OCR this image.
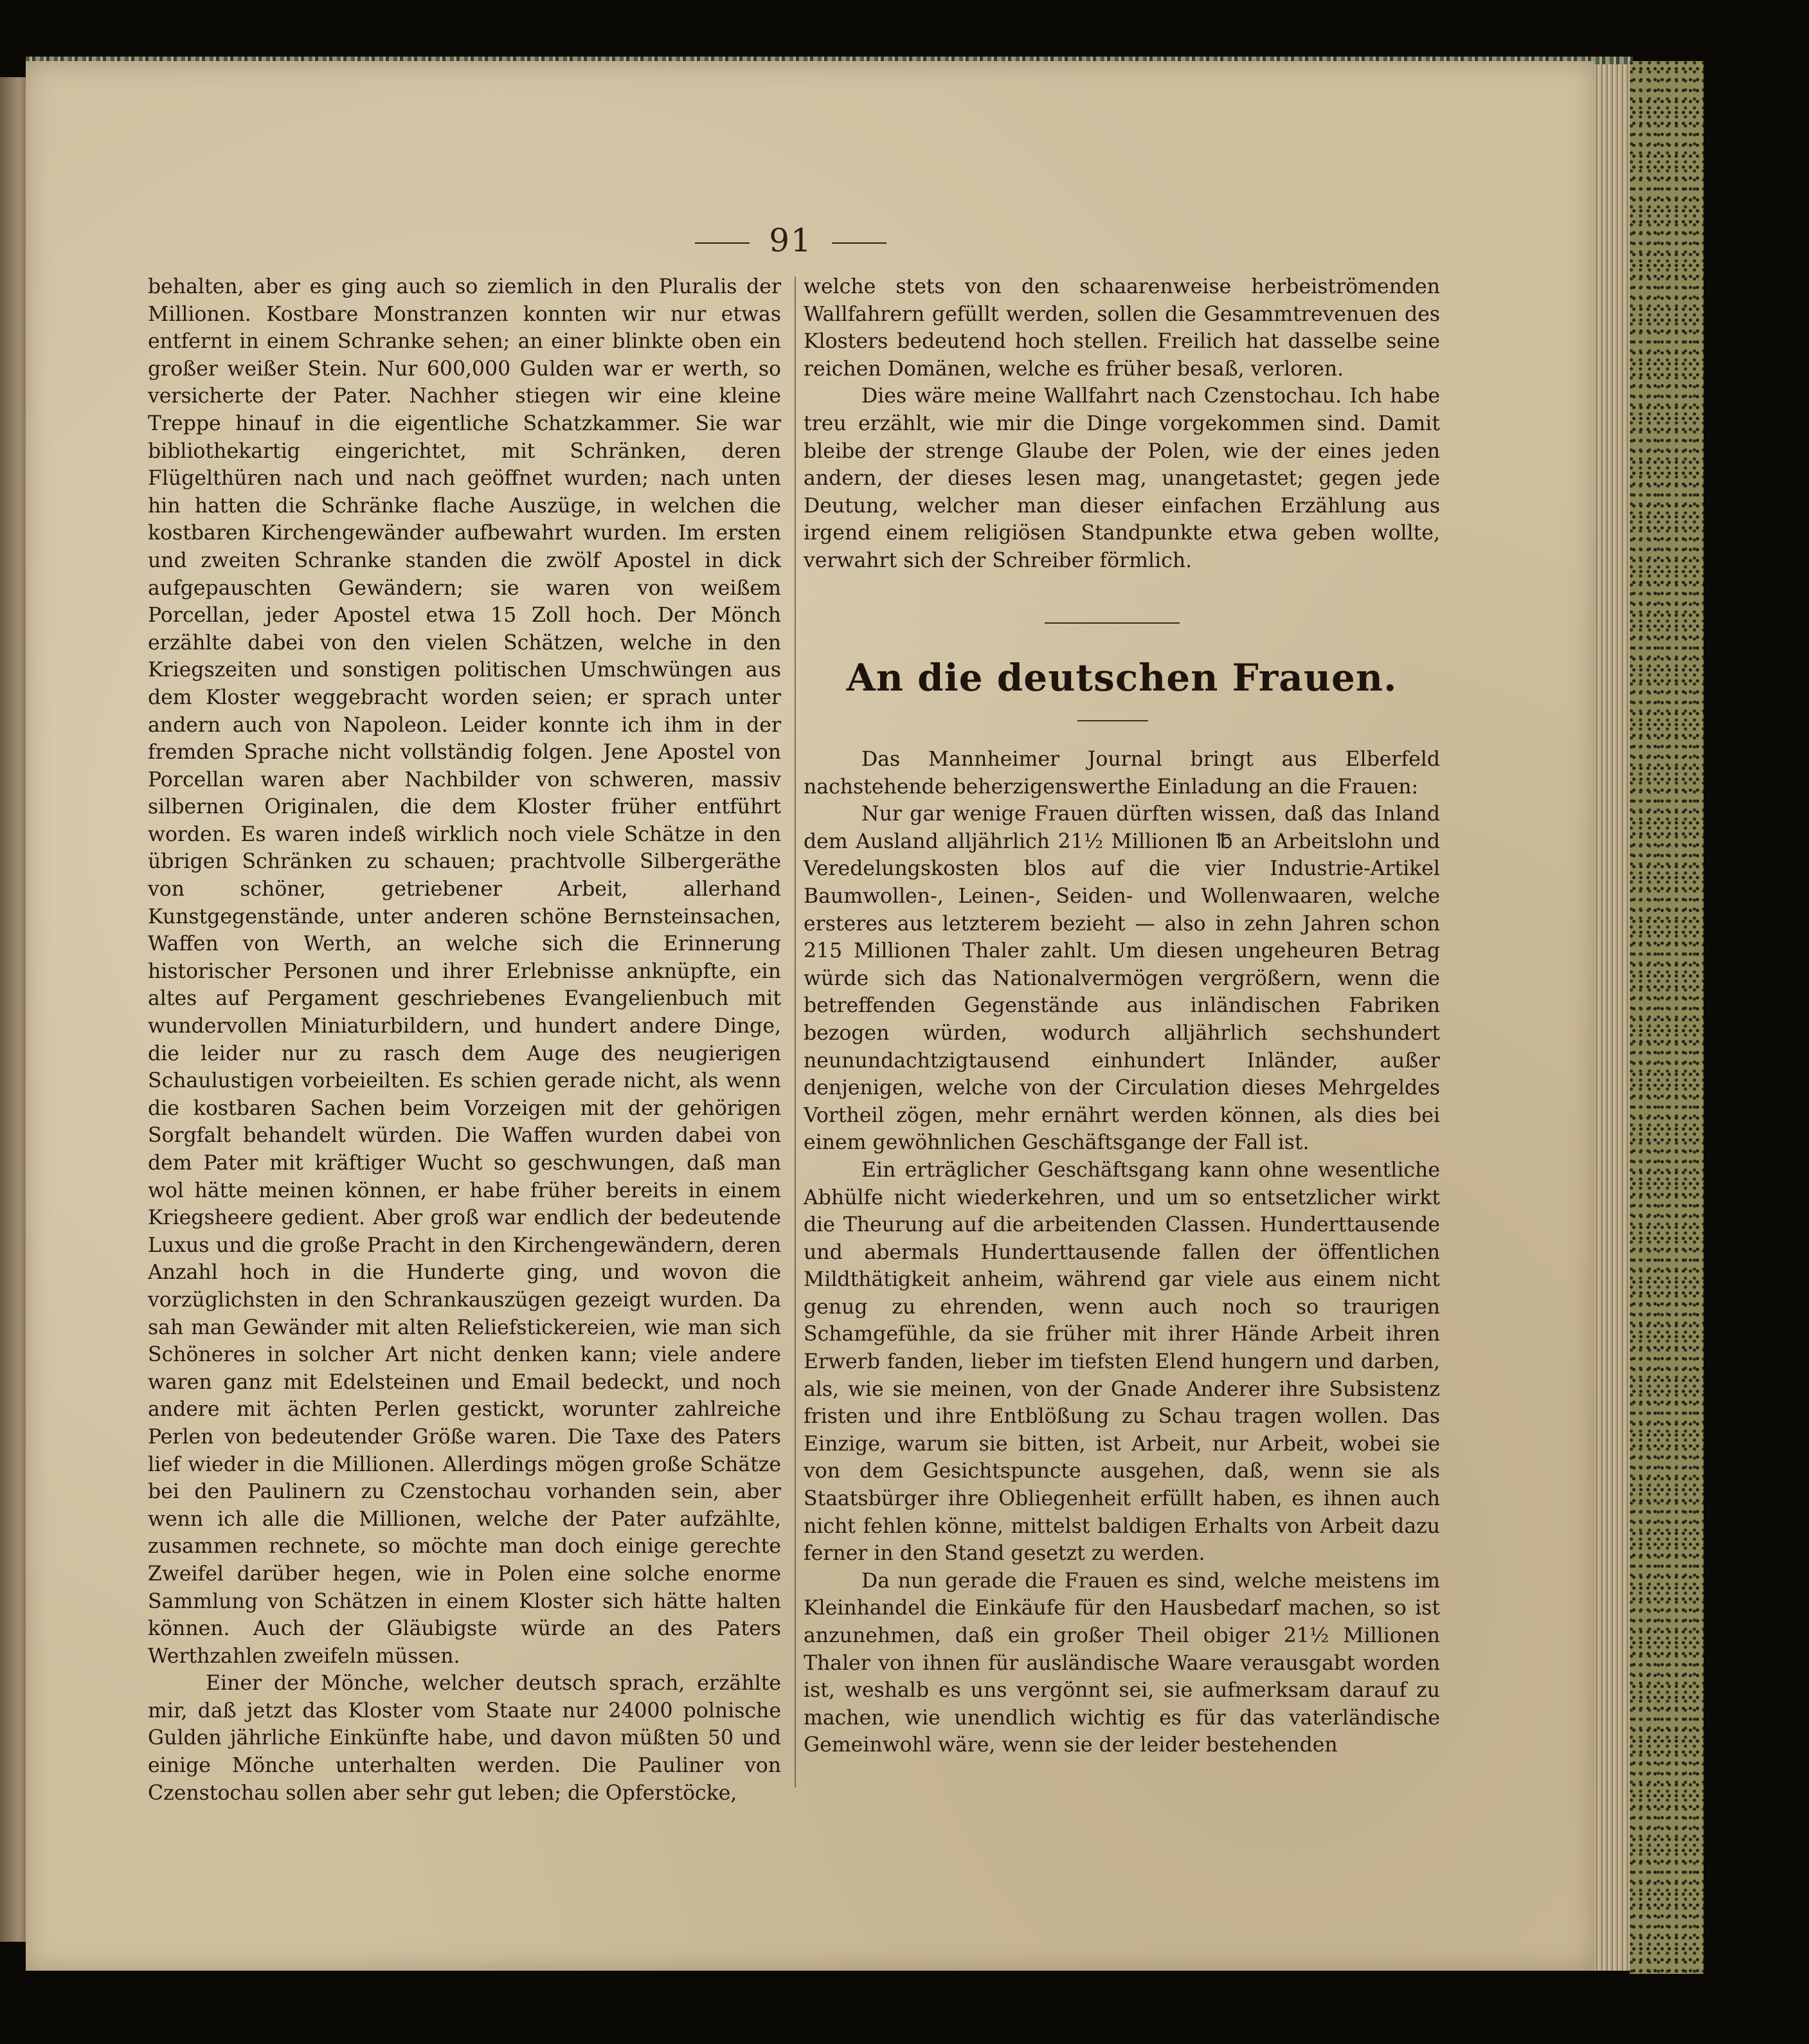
91

behalten, aber es ging auch so ziemlich in den Pluralis der Millionen. Kostbare Monstranzen konnten wir nur etwas entfernt in einem Schranke sehen; an einer blinkte oben ein großer weißer Stein. Nur 600,000 Gulden war er werth, so versicherte der Pater. Nachher stiegen wir eine kleine Treppe hinauf in die eigentliche Schatzkammer. Sie war bibliothekartig eingerichtet, mit Schränken, deren Flügelthüren nach und nach geöffnet wurden; nach unten hin hatten die Schränke flache Auszüge, in welchen die kostbaren Kirchengewänder aufbewahrt wurden. Im ersten und zweiten Schranke standen die zwölf Apostel in dick aufgepauschten Gewändern; sie waren von weißem Porcellan, jeder Apostel etwa 15 Zoll hoch. Der Mönch erzählte dabei von den vielen Schätzen, welche in den Kriegszeiten und sonstigen politischen Umschwüngen aus dem Kloster weggebracht worden seien; er sprach unter andern auch von Napoleon. Leider konnte ich ihm in der fremden Sprache nicht vollständig folgen. Jene Apostel von Porcellan waren aber Nachbilder von schweren, massiv silbernen Originalen, die dem Kloster früher entführt worden. Es waren indeß wirklich noch viele Schätze in den übrigen Schränken zu schauen; prachtvolle Silbergeräthe von schöner, getriebener Arbeit, allerhand Kunstgegenstände, unter anderen schöne Bernsteinsachen, Waffen von Werth, an welche sich die Erinnerung historischer Personen und ihrer Erlebnisse anknüpfte, ein altes auf Pergament geschriebenes Evangelienbuch mit wundervollen Miniaturbildern, und hundert andere Dinge, die leider nur zu rasch dem Auge des neugierigen Schaulustigen vorbeieilten. Es schien gerade nicht, als wenn die kostbaren Sachen beim Vorzeigen mit der gehörigen Sorgfalt behandelt würden. Die Waffen wurden dabei von dem Pater mit kräftiger Wucht so geschwungen, daß man wol hätte meinen können, er habe früher bereits in einem Kriegsheere gedient. Aber groß war endlich der bedeutende Luxus und die große Pracht in den Kirchengewändern, deren Anzahl hoch in die Hunderte ging, und wovon die vorzüglichsten in den Schrankauszügen gezeigt wurden. Da sah man Gewänder mit alten Reliefstickereien, wie man sich Schöneres in solcher Art nicht denken kann; viele andere waren ganz mit Edelsteinen und Email bedeckt, und noch andere mit ächten Perlen gestickt, worunter zahlreiche Perlen von bedeutender Größe waren. Die Taxe des Paters lief wieder in die Millionen. Allerdings mögen große Schätze bei den Paulinern zu Czenstochau vorhanden sein, aber wenn ich alle die Millionen, welche der Pater aufzählte, zusammen rechnete, so möchte man doch einige gerechte Zweifel darüber hegen, wie in Polen eine solche enorme Sammlung von Schätzen in einem Kloster sich hätte halten können. Auch der Gläubigste würde an des Paters Werthzahlen zweifeln müssen.

Einer der Mönche, welcher deutsch sprach, erzählte mir, daß jetzt das Kloster vom Staate nur 24000 polnische Gulden jährliche Einkünfte habe, und davon müßten 50 und einige Mönche unterhalten werden. Die Pauliner von Czenstochau sollen aber sehr gut leben; die Opferstöcke,

welche stets von den schaarenweise herbeiströmenden Wallfahrern gefüllt werden, sollen die Gesammtrevenuen des Klosters bedeutend hoch stellen. Freilich hat dasselbe seine reichen Domänen, welche es früher besaß, verloren.

Dies wäre meine Wallfahrt nach Czenstochau. Ich habe treu erzählt, wie mir die Dinge vorgekommen sind. Damit bleibe der strenge Glaube der Polen, wie der eines jeden andern, der dieses lesen mag, unangetastet; gegen jede Deutung, welcher man dieser einfachen Erzählung aus irgend einem religiösen Standpunkte etwa geben wollte, verwahrt sich der Schreiber förmlich.

An die deutschen Frauen.

Das Mannheimer Journal bringt aus Elberfeld nachstehende beherzigenswerthe Einladung an die Frauen:

Nur gar wenige Frauen dürften wissen, daß das Inland dem Ausland alljährlich 21½ Millionen ℔ an Arbeitslohn und Veredelungskosten blos auf die vier Industrie-Artikel Baumwollen-, Leinen-, Seiden- und Wollenwaaren, welche ersteres aus letzterem bezieht — also in zehn Jahren schon 215 Millionen Thaler zahlt. Um diesen ungeheuren Betrag würde sich das Nationalvermögen vergrößern, wenn die betreffenden Gegenstände aus inländischen Fabriken bezogen würden, wodurch alljährlich sechshundert neunundachtzigtausend einhundert Inländer, außer denjenigen, welche von der Circulation dieses Mehrgeldes Vortheil zögen, mehr ernährt werden können, als dies bei einem gewöhnlichen Geschäftsgange der Fall ist.

Ein erträglicher Geschäftsgang kann ohne wesentliche Abhülfe nicht wiederkehren, und um so entsetzlicher wirkt die Theurung auf die arbeitenden Classen. Hunderttausende und abermals Hunderttausende fallen der öffentlichen Mildthätigkeit anheim, während gar viele aus einem nicht genug zu ehrenden, wenn auch noch so traurigen Schamgefühle, da sie früher mit ihrer Hände Arbeit ihren Erwerb fanden, lieber im tiefsten Elend hungern und darben, als, wie sie meinen, von der Gnade Anderer ihre Subsistenz fristen und ihre Entblößung zu Schau tragen wollen. Das Einzige, warum sie bitten, ist Arbeit, nur Arbeit, wobei sie von dem Gesichtspuncte ausgehen, daß, wenn sie als Staatsbürger ihre Obliegenheit erfüllt haben, es ihnen auch nicht fehlen könne, mittelst baldigen Erhalts von Arbeit dazu ferner in den Stand gesetzt zu werden.

Da nun gerade die Frauen es sind, welche meistens im Kleinhandel die Einkäufe für den Hausbedarf machen, so ist anzunehmen, daß ein großer Theil obiger 21½ Millionen Thaler von ihnen für ausländische Waare verausgabt worden ist, weshalb es uns vergönnt sei, sie aufmerksam darauf zu machen, wie unendlich wichtig es für das vaterländische Gemeinwohl wäre, wenn sie der leider bestehenden
